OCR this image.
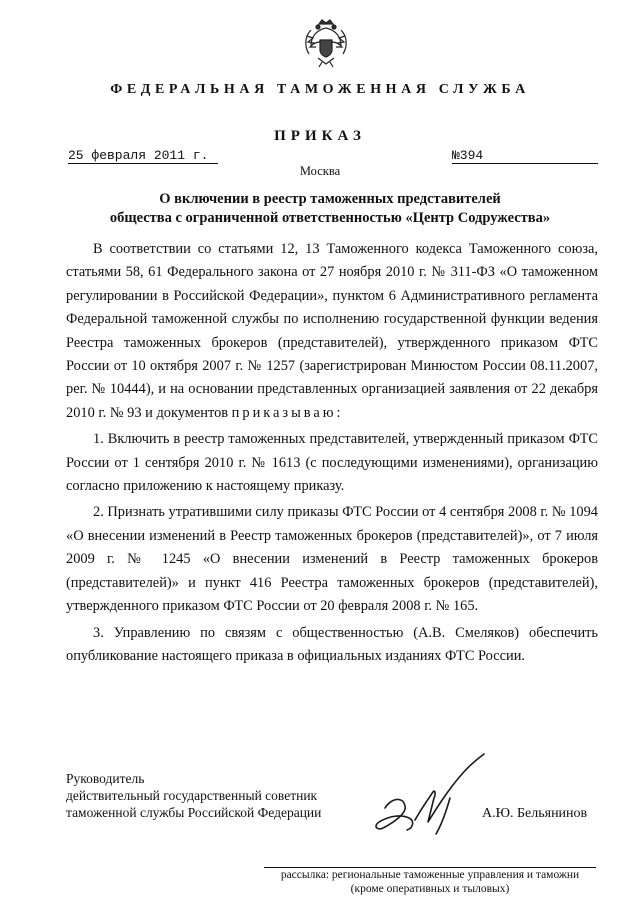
ФЕДЕРАЛЬНАЯ ТАМОЖЕННАЯ СЛУЖБА
ПРИКАЗ
25 февраля 2011 г.	№394
Москва
О включении в реестр таможенных представителей
общества с ограниченной ответственностью «Центр Содружества»

В соответствии со статьями 12, 13 Таможенного кодекса Таможенного союза, статьями 58, 61 Федерального закона от 27 ноября 2010 г. № 311-ФЗ «О таможенном регулировании в Российской Федерации», пунктом 6 Административного регламента Федеральной таможенной службы по исполнению государственной функции ведения Реестра таможенных брокеров (представителей), утвержденного приказом ФТС России от 10 октября 2007 г. № 1257 (зарегистрирован Минюстом России 08.11.2007, рег. № 10444), и на основании представленных организацией заявления от 22 декабря 2010 г. № 93 и документов приказываю:

1. Включить в реестр таможенных представителей, утвержденный приказом ФТС России от 1 сентября 2010 г. № 1613 (с последующими изменениями), организацию согласно приложению к настоящему приказу.

2. Признать утратившими силу приказы ФТС России от 4 сентября 2008 г. № 1094 «О внесении изменений в Реестр таможенных брокеров (представителей)», от 7 июля 2009 г. № 1245 «О внесении изменений в Реестр таможенных брокеров (представителей)» и пункт 416 Реестра таможенных брокеров (представителей), утвержденного приказом ФТС России от 20 февраля 2008 г. № 165.

3. Управлению по связям с общественностью (А.В. Смеляков) обеспечить опубликование настоящего приказа в официальных изданиях ФТС России.

Руководитель
действительный государственный советник
таможенной службы Российской Федерации	А.Ю. Бельянинов
рассылка: региональные таможенные управления и таможни
(кроме оперативных и тыловых)
